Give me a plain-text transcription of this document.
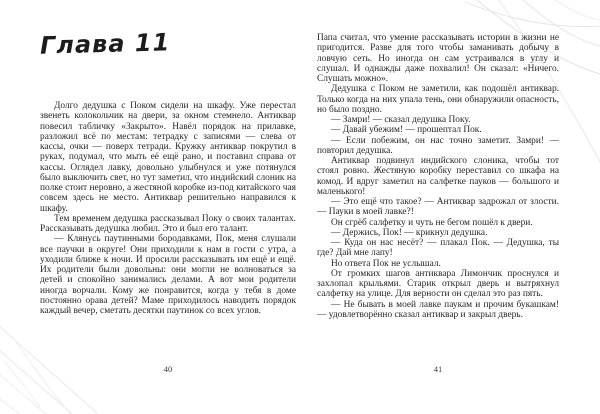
Глава 11

Долго дедушка с Поком сидели на шкафу. Уже перестал звенеть колокольчик на двери, за окном стемнело. Антиквар повесил табличку «Закрыто». Навёл порядок на прилавке, разложил всё по местам: тетрадку с записями — слева от кассы, очки — поверх тетради. Кружку антиквар покрутил в руках, подумал, что мыть её ещё рано, и поставил справа от кассы. Оглядел лавку, довольно улыбнулся и уже потянулся было выключить свет, но тут заметил, что индийский слоник на полке стоит неровно, а жестяной коробке из-под китайского чая совсем здесь не место. Антиквар решительно направился к шкафу.

Тем временем дедушка рассказывал Поку о своих талантах. Рассказывать дедушка любил. Это и был его талант.

— Клянусь паутинными бородавками, Пок, меня слушали все паучки в округе! Они приходили к нам в гости с утра, а уходили ближе к ночи. И просили рассказывать им ещё и ещё. Их родители были довольны: они могли не волноваться за детей и спокойно занимались делами. А вот мои родители иногда ворчали. Кому же понравится, когда у тебя в доме постоянно орава детей? Маме приходилось наводить порядок каждый вечер, сметать десятки паутинок со всех углов.

40

Папа считал, что умение рассказывать истории в жизни не пригодится. Разве для того чтобы заманивать добычу в ловчую сеть. Но иногда он сам устраивался в углу и слушал. И однажды даже похвалил! Он сказал: «Ничего. Слушать можно».

Дедушка с Поком не заметили, как подошёл антиквар. Только когда на них упала тень, они обнаружили опасность, но было поздно.

— Замри! — сказал дедушка Поку.

— Давай убежим! — прошептал Пок.

— Если побежим, он нас точно заметит. Замри! — повторил дедушка.

Антиквар подвинул индийского слоника, чтобы тот стоял ровно. Жестяную коробку переставил со шкафа на комод. И вдруг заметил на салфетке пауков — большого и маленького!

— Это ещё что такое? — Антиквар задрожал от злости. — Пауки в моей лавке?!

Он сгрёб салфетку и чуть не бегом пошёл к двери.

— Держись, Пок! — крикнул дедушка.

— Куда он нас несёт? — плакал Пок. — Дедушка, ты где? Дай мне лапу!

Но ответа Пок не услышал.

От громких шагов антиквара Лимончик проснулся и захлопал крыльями. Старик открыл дверь и вытряхнул салфетку на улице. Для верности он сделал это раз пять.

— Не бывать в моей лавке паукам и прочим букашкам! — удовлетворённо сказал антиквар и закрыл дверь.

41
